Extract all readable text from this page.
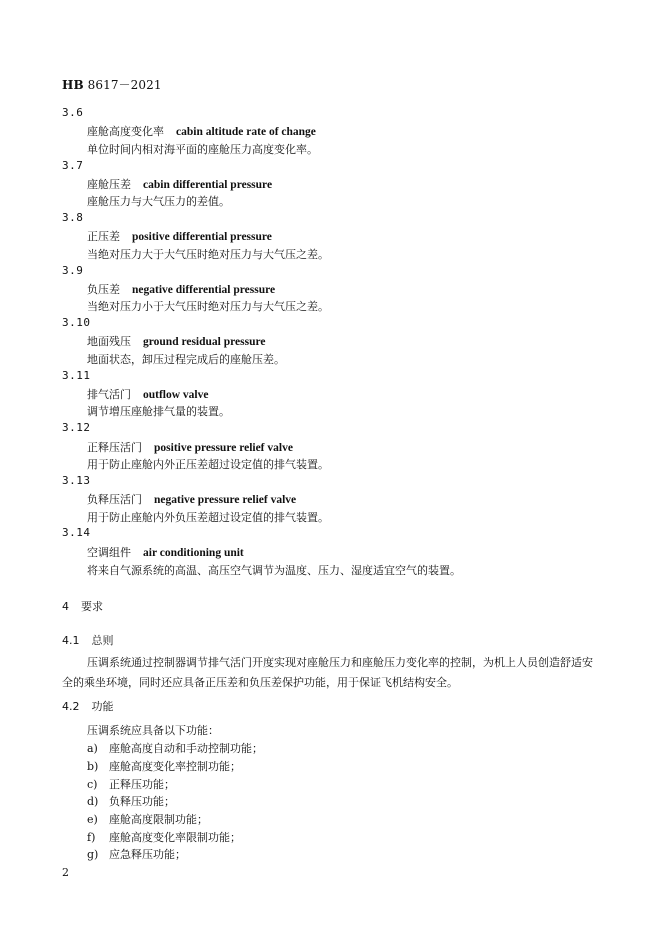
HB 8617－2021
3.6
座舱高度变化率 cabin altitude rate of change
单位时间内相对海平面的座舱压力高度变化率。
3.7
座舱压差 cabin differential pressure
座舱压力与大气压力的差值。
3.8
正压差 positive differential pressure
当绝对压力大于大气压时绝对压力与大气压之差。
3.9
负压差 negative differential pressure
当绝对压力小于大气压时绝对压力与大气压之差。
3.10
地面残压 ground residual pressure
地面状态，卸压过程完成后的座舱压差。
3.11
排气活门 outflow valve
调节增压座舱排气量的装置。
3.12
正释压活门 positive pressure relief valve
用于防止座舱内外正压差超过设定值的排气装置。
3.13
负释压活门 negative pressure relief valve
用于防止座舱内外负压差超过设定值的排气装置。
3.14
空调组件 air conditioning unit
将来自气源系统的高温、高压空气调节为温度、压力、湿度适宜空气的装置。
4 要求
4.1 总则
压调系统通过控制器调节排气活门开度实现对座舱压力和座舱压力变化率的控制，为机上人员创造舒适安全的乘坐环境，同时还应具备正压差和负压差保护功能，用于保证飞机结构安全。
4.2 功能
压调系统应具备以下功能：
a) 座舱高度自动和手动控制功能；
b) 座舱高度变化率控制功能；
c) 正释压功能；
d) 负释压功能；
e) 座舱高度限制功能；
f) 座舱高度变化率限制功能；
g) 应急释压功能；
2
